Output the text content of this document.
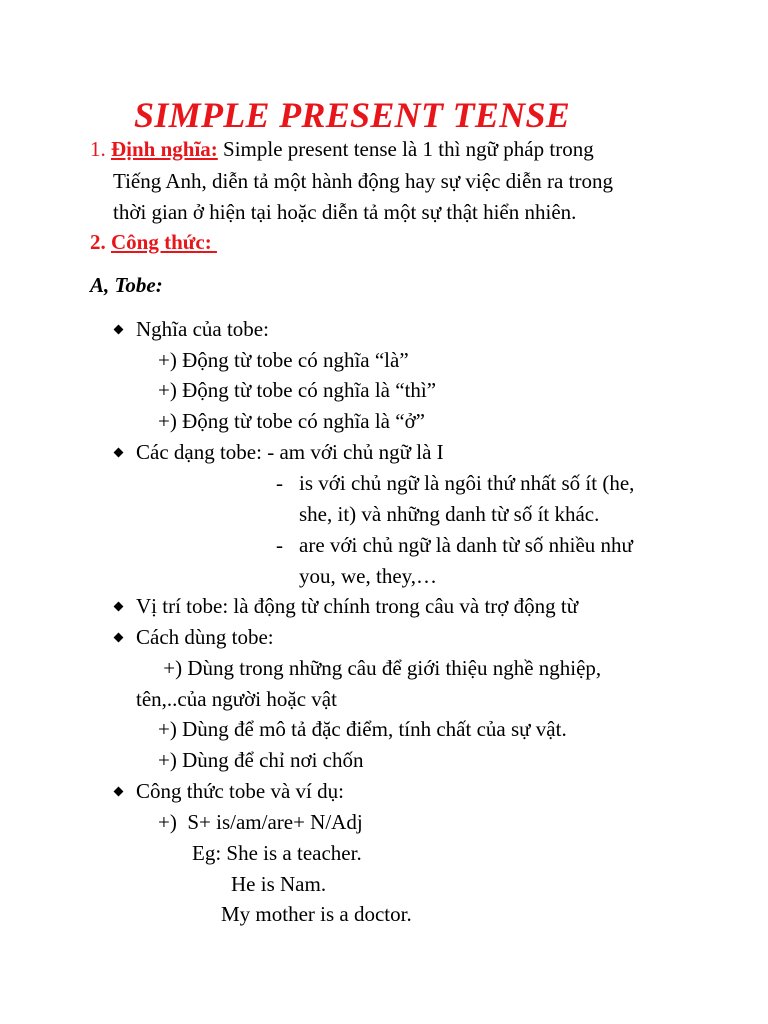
SIMPLE PRESENT TENSE
1. Định nghĩa: Simple present tense là 1 thì ngữ pháp trong
Tiếng Anh, diễn tả một hành động hay sự việc diễn ra trong
thời gian ở hiện tại hoặc diễn tả một sự thật hiển nhiên.
2. Công thức:
A, Tobe:
Nghĩa của tobe:
+) Động từ tobe có nghĩa “là”
+) Động từ tobe có nghĩa là “thì”
+) Động từ tobe có nghĩa là “ở”
Các dạng tobe: - am với chủ ngữ là I
- is với chủ ngữ là ngôi thứ nhất số ít (he,
she, it) và những danh từ số ít khác.
- are với chủ ngữ là danh từ số nhiều như
you, we, they,…
Vị trí tobe: là động từ chính trong câu và trợ động từ
Cách dùng tobe:
+) Dùng trong những câu để giới thiệu nghề nghiệp,
tên,..của người hoặc vật
+) Dùng để mô tả đặc điểm, tính chất của sự vật.
+) Dùng để chỉ nơi chốn
Công thức tobe và ví dụ:
+)  S+ is/am/are+ N/Adj
Eg: She is a teacher.
He is Nam.
My mother is a doctor.
